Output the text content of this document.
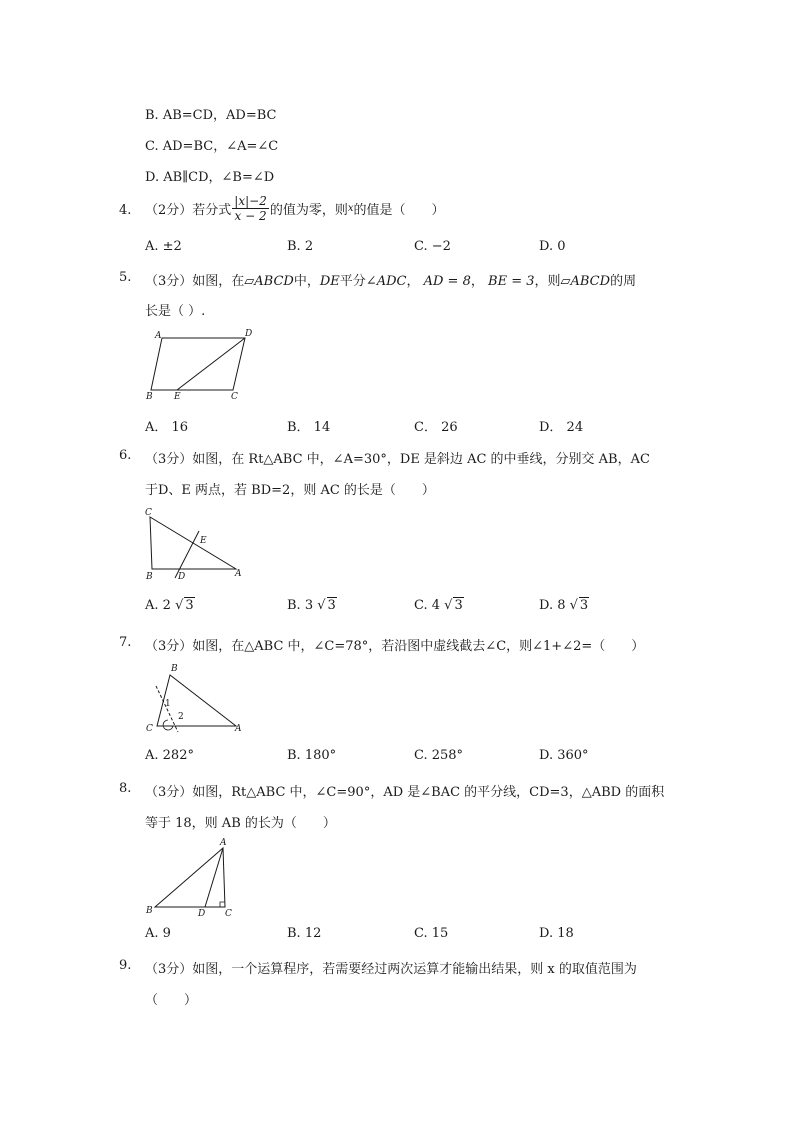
B. AB=CD，AD=BC
C. AD=BC，∠A=∠C
D. AB∥CD，∠B=∠D
4. （2分）若分式 $\frac{|x|-2}{x - 2}$ 的值为零，则 x 的值是（　　）
A. ±2	B. 2	C. −2	D. 0
5. （3分）如图，在▱ABCD中，DE平分∠ADC， AD = 8， BE = 3，则▱ABCD的周
长是（ ）.
A	D
B E	C
A． 16	B． 14	C． 26	D． 24
6. （3分）如图，在 Rt△ABC 中，∠A=30°，DE 是斜边 AC 的中垂线，分别交 AB，AC
于D、E 两点，若 BD=2，则 AC 的长是（　　）
C
E
B	D	A
A. 2 √ 3	B. 3 √ 3	C. 4 √ 3	D. 8 √ 3
7. （3分）如图，在△ABC 中，∠C=78°，若沿图中虚线截去∠C，则∠1+∠2=（　　）
B
1
2
C	A
A. 282°	B. 180°	C. 258°	D. 360°
8. （3分）如图，Rt△ABC 中，∠C=90°，AD 是∠BAC 的平分线，CD=3，△ABD 的面积
等于 18，则 AB 的长为（　　）
A
B	D C
A. 9	B. 12	C. 15	D. 18
9. （3分）如图，一个运算程序，若需要经过两次运算才能输出结果，则 x 的取值范围为
（　　）
